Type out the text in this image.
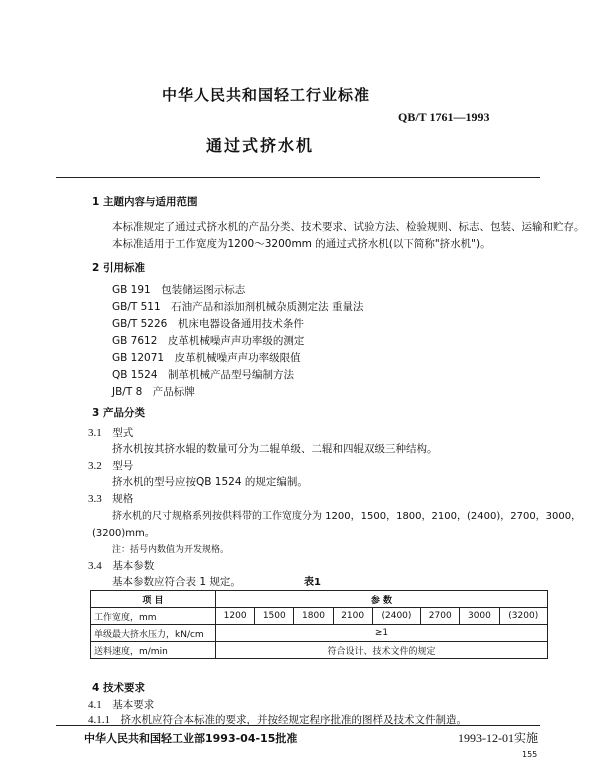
中华人民共和国轻工行业标准
QB/T 1761—1993
通过式挤水机
1 主题内容与适用范围
本标准规定了通过式挤水机的产品分类、技术要求、试验方法、检验规则、标志、包装、运输和贮存。
本标准适用于工作宽度为1200～3200mm 的通过式挤水机(以下简称"挤水机")。
2 引用标准
GB 191　 包装储运图示标志
GB/T 511　 石油产品和添加剂机械杂质测定法 重量法
GB/T 5226　 机床电器设备通用技术条件
GB 7612　 皮革机械噪声声功率级的测定
GB 12071　 皮革机械噪声声功率级限值
QB 1524　 制革机械产品型号编制方法
JB/T 8　 产品标牌
3 产品分类
3.1　 型式
挤水机按其挤水辊的数量可分为二辊单级、二辊和四辊双级三种结构。
3.2　 型号
挤水机的型号应按QB 1524 的规定编制。
3.3　 规格
挤水机的尺寸规格系列按供料带的工作宽度分为 1200，1500，1800，2100，(2400)，2700，3000，
(3200)mm。
注：括号内数值为开发规格。
3.4　 基本参数
基本参数应符合表 1 规定。	表1
项 目	参 数							
工作宽度，mm	1200	1500	1800	2100	(2400)	2700	3000	(3200)
单级最大挤水压力，kN/cm	≥1							
送料速度，m/min	符合设计、技术文件的规定							
4 技术要求
4.1　 基本要求
4.1.1　 挤水机应符合本标准的要求，并按经规定程序批准的图样及技术文件制造。
中华人民共和国轻工业部1993-04-15批准	1993-12-01实施
155
